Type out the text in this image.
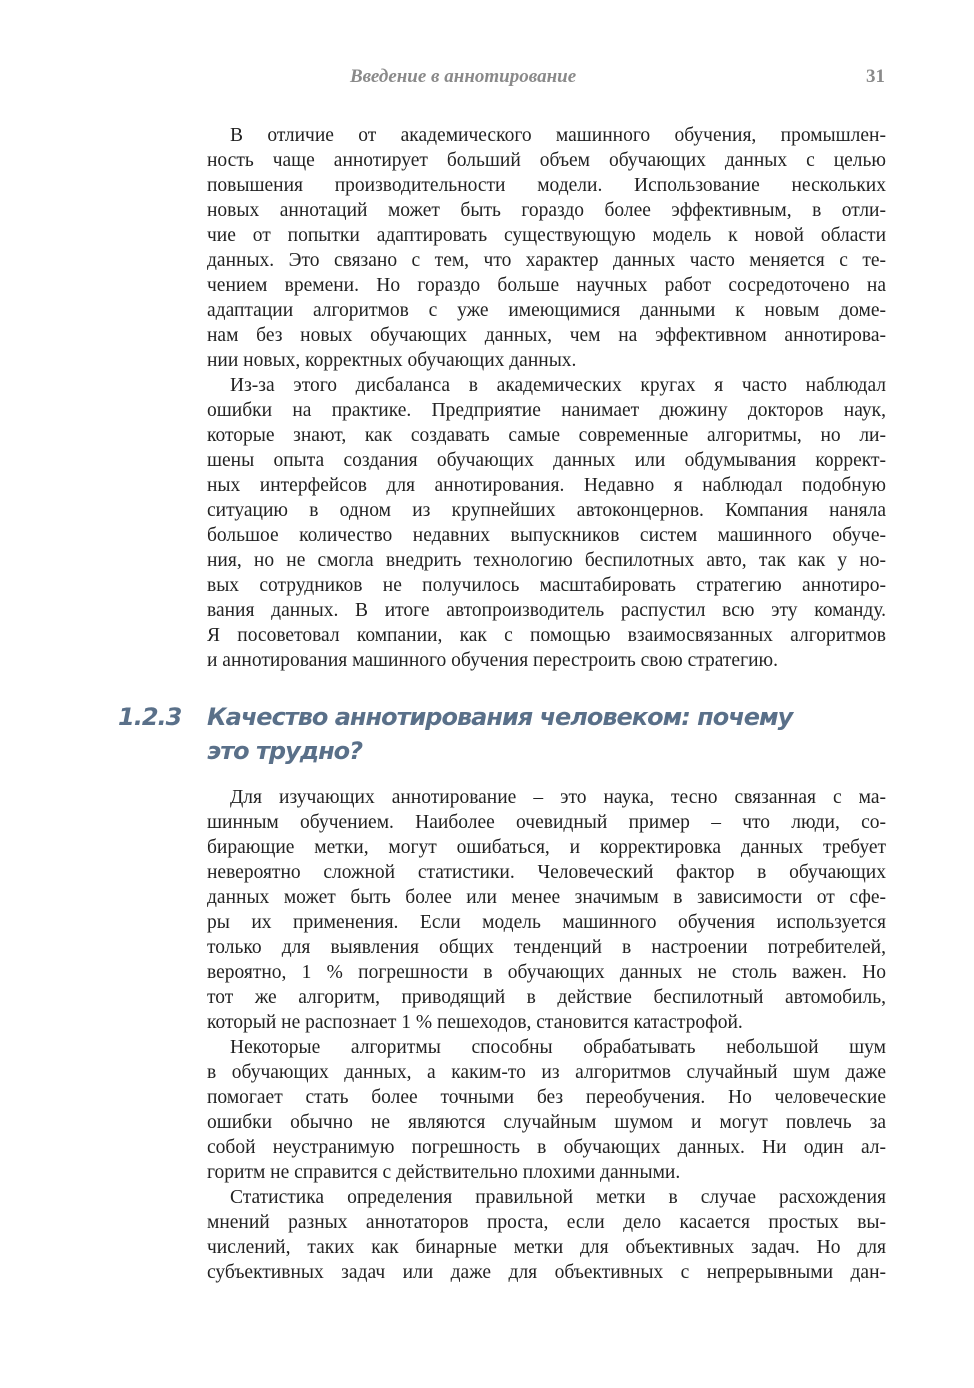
Введение в аннотирование	31
В отличие от академического машинного обучения, промышлен-
ность чаще аннотирует больший объем обучающих данных с целью
повышения производительности модели. Использование нескольких
новых аннотаций может быть гораздо более эффективным, в отли-
чие от попытки адаптировать существующую модель к новой области
данных. Это связано с тем, что характер данных часто меняется с те-
чением времени. Но гораздо больше научных работ сосредоточено на
адаптации алгоритмов с уже имеющимися данными к новым доме-
нам без новых обучающих данных, чем на эффективном аннотирова-
нии новых, корректных обучающих данных.
Из-за этого дисбаланса в академических кругах я часто наблюдал
ошибки на практике. Предприятие нанимает дюжину докторов наук,
которые знают, как создавать самые современные алгоритмы, но ли-
шены опыта создания обучающих данных или обдумывания коррект-
ных интерфейсов для аннотирования. Недавно я наблюдал подобную
ситуацию в одном из крупнейших автоконцернов. Компания наняла
большое количество недавних выпускников систем машинного обуче-
ния, но не смогла внедрить технологию беспилотных авто, так как у но-
вых сотрудников не получилось масштабировать стратегию аннотиро-
вания данных. В итоге автопроизводитель распустил всю эту команду.
Я посоветовал компании, как с помощью взаимосвязанных алгоритмов
и аннотирования машинного обучения перестроить свою стратегию.
1.2.3 Качество аннотирования человеком: почему
это трудно?
Для изучающих аннотирование – это наука, тесно связанная с ма-
шинным обучением. Наиболее очевидный пример – что люди, со-
бирающие метки, могут ошибаться, и корректировка данных требует
невероятно сложной статистики. Человеческий фактор в обучающих
данных может быть более или менее значимым в зависимости от сфе-
ры их применения. Если модель машинного обучения используется
только для выявления общих тенденций в настроении потребителей,
вероятно, 1 % погрешности в обучающих данных не столь важен. Но
тот же алгоритм, приводящий в действие беспилотный автомобиль,
который не распознает 1 % пешеходов, становится катастрофой.
Некоторые алгоритмы способны обрабатывать небольшой шум
в обучающих данных, а каким-то из алгоритмов случайный шум даже
помогает стать более точными без переобучения. Но человеческие
ошибки обычно не являются случайным шумом и могут повлечь за
собой неустранимую погрешность в обучающих данных. Ни один ал-
горитм не справится с действительно плохими данными.
Статистика определения правильной метки в случае расхождения
мнений разных аннотаторов проста, если дело касается простых вы-
числений, таких как бинарные метки для объективных задач. Но для
субъективных задач или даже для объективных с непрерывными дан-
